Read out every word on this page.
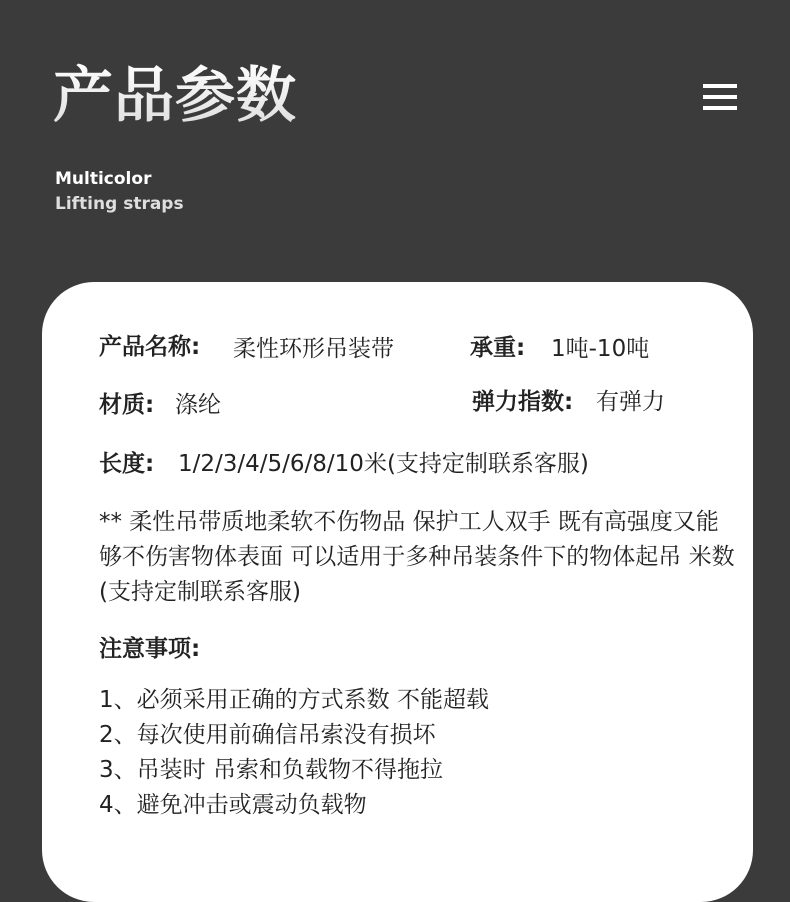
产品参数
Multicolor
Lifting straps
产品名称: 柔性环形吊装带	承重: 1吨-10吨
材质: 涤纶	弹力指数: 有弹力
长度: 1/2/3/4/5/6/8/10米(支持定制联系客服)
** 柔性吊带质地柔软不伤物品 保护工人双手 既有高强度又能够不伤害物体表面 可以适用于多种吊装条件下的物体起吊 米数(支持定制联系客服)
注意事项:
1、必须采用正确的方式系数 不能超载
2、每次使用前确信吊索没有损坏
3、吊装时 吊索和负载物不得拖拉
4、避免冲击或震动负载物
